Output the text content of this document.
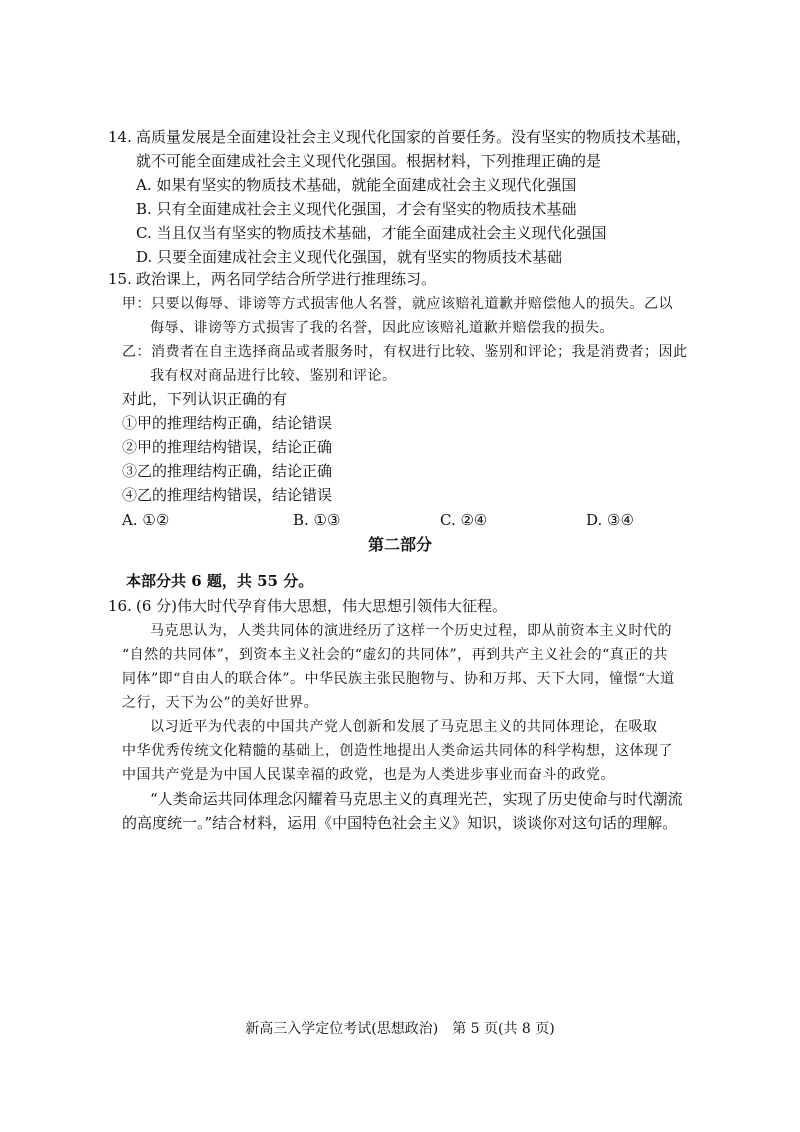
14. 高质量发展是全面建设社会主义现代化国家的首要任务。没有坚实的物质技术基础，
就不可能全面建成社会主义现代化强国。根据材料，下列推理正确的是
A. 如果有坚实的物质技术基础，就能全面建成社会主义现代化强国
B. 只有全面建成社会主义现代化强国，才会有坚实的物质技术基础
C. 当且仅当有坚实的物质技术基础，才能全面建成社会主义现代化强国
D. 只要全面建成社会主义现代化强国，就有坚实的物质技术基础
15. 政治课上，两名同学结合所学进行推理练习。
甲：只要以侮辱、诽谤等方式损害他人名誉，就应该赔礼道歉并赔偿他人的损失。乙以
侮辱、诽谤等方式损害了我的名誉，因此应该赔礼道歉并赔偿我的损失。
乙：消费者在自主选择商品或者服务时，有权进行比较、鉴别和评论；我是消费者；因此
我有权对商品进行比较、鉴别和评论。
对此，下列认识正确的有
①甲的推理结构正确，结论错误
②甲的推理结构错误，结论正确
③乙的推理结构正确，结论正确
④乙的推理结构错误，结论错误
A. ①②	B. ①③	C. ②④	D. ③④
第二部分
本部分共 6 题，共 55 分。
16. (6 分)伟大时代孕育伟大思想，伟大思想引领伟大征程。
马克思认为，人类共同体的演进经历了这样一个历史过程，即从前资本主义时代的
“自然的共同体”，到资本主义社会的“虚幻的共同体”，再到共产主义社会的“真正的共
同体”即“自由人的联合体”。中华民族主张民胞物与、协和万邦、天下大同，憧憬“大道
之行，天下为公”的美好世界。
以习近平为代表的中国共产党人创新和发展了马克思主义的共同体理论，在吸取
中华优秀传统文化精髓的基础上，创造性地提出人类命运共同体的科学构想，这体现了
中国共产党是为中国人民谋幸福的政党，也是为人类进步事业而奋斗的政党。
“人类命运共同体理念闪耀着马克思主义的真理光芒，实现了历史使命与时代潮流
的高度统一。”结合材料，运用《中国特色社会主义》知识，谈谈你对这句话的理解。
新高三入学定位考试(思想政治)　第 5 页(共 8 页)
